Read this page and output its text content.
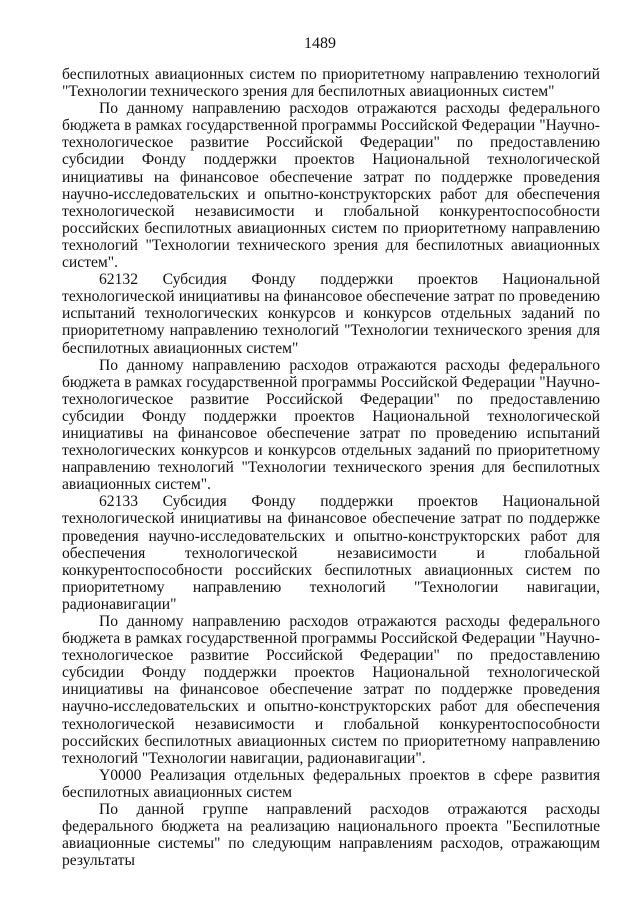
1489

беспилотных авиационных систем по приоритетному направлению технологий "Технологии технического зрения для беспилотных авиационных систем"

По данному направлению расходов отражаются расходы федерального бюджета в рамках государственной программы Российской Федерации "Научно-технологическое развитие Российской Федерации" по предоставлению субсидии Фонду поддержки проектов Национальной технологической инициативы на финансовое обеспечение затрат по поддержке проведения научно-исследовательских и опытно-конструкторских работ для обеспечения технологической независимости и глобальной конкурентоспособности российских беспилотных авиационных систем по приоритетному направлению технологий "Технологии технического зрения для беспилотных авиационных систем".

62132 Субсидия Фонду поддержки проектов Национальной технологической инициативы на финансовое обеспечение затрат по проведению испытаний технологических конкурсов и конкурсов отдельных заданий по приоритетному направлению технологий "Технологии технического зрения для беспилотных авиационных систем"

По данному направлению расходов отражаются расходы федерального бюджета в рамках государственной программы Российской Федерации "Научно-технологическое развитие Российской Федерации" по предоставлению субсидии Фонду поддержки проектов Национальной технологической инициативы на финансовое обеспечение затрат по проведению испытаний технологических конкурсов и конкурсов отдельных заданий по приоритетному направлению технологий "Технологии технического зрения для беспилотных авиационных систем".

62133 Субсидия Фонду поддержки проектов Национальной технологической инициативы на финансовое обеспечение затрат по поддержке проведения научно-исследовательских и опытно-конструкторских работ для обеспечения технологической независимости и глобальной конкурентоспособности российских беспилотных авиационных систем по приоритетному направлению технологий "Технологии навигации, радионавигации"

По данному направлению расходов отражаются расходы федерального бюджета в рамках государственной программы Российской Федерации "Научно-технологическое развитие Российской Федерации" по предоставлению субсидии Фонду поддержки проектов Национальной технологической инициативы на финансовое обеспечение затрат по поддержке проведения научно-исследовательских и опытно-конструкторских работ для обеспечения технологической независимости и глобальной конкурентоспособности российских беспилотных авиационных систем по приоритетному направлению технологий "Технологии навигации, радионавигации".

Y0000 Реализация отдельных федеральных проектов в сфере развития беспилотных авиационных систем

По данной группе направлений расходов отражаются расходы федерального бюджета на реализацию национального проекта "Беспилотные авиационные системы" по следующим направлениям расходов, отражающим результаты
